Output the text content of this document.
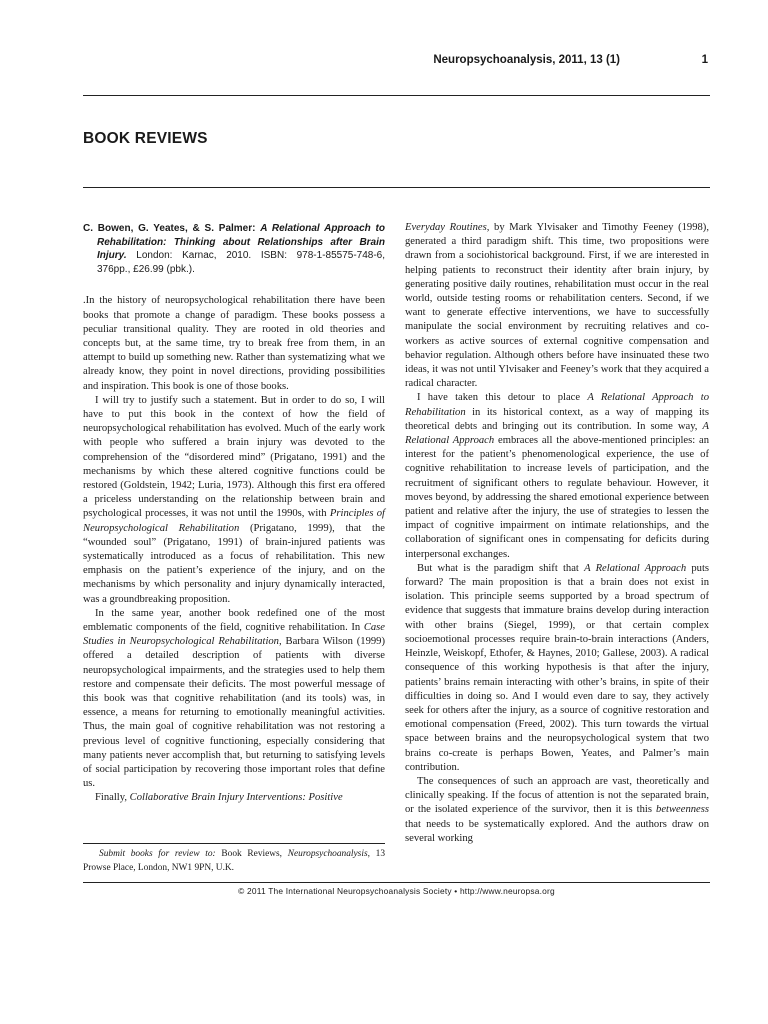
Neuropsychoanalysis, 2011, 13 (1)	1
BOOK REVIEWS

C. Bowen, G. Yeates, & S. Palmer: A Relational Approach to Rehabilitation: Thinking about Relationships after Brain Injury. London: Karnac, 2010. ISBN: 978-1-85575-748-6, 376pp., £26.99 (pbk.).

.In the history of neuropsychological rehabilitation there have been books that promote a change of paradigm. These books possess a peculiar transitional quality. They are rooted in old theories and concepts but, at the same time, try to break free from them, in an attempt to build up something new. Rather than systematizing what we already know, they point in novel directions, providing possibilities and inspiration. This book is one of those books.

I will try to justify such a statement. But in order to do so, I will have to put this book in the context of how the field of neuropsychological rehabilitation has evolved. Much of the early work with people who suffered a brain injury was devoted to the comprehension of the “disordered mind” (Prigatano, 1991) and the mechanisms by which these altered cognitive functions could be restored (Goldstein, 1942; Luria, 1973). Although this first era offered a priceless understanding on the relationship between brain and psychological processes, it was not until the 1990s, with Principles of Neuropsychological Rehabilitation (Prigatano, 1999), that the “wounded soul” (Prigatano, 1991) of brain-injured patients was systematically introduced as a focus of rehabilitation. This new emphasis on the patient’s experience of the injury, and on the mechanisms by which personality and injury dynamically interacted, was a groundbreaking proposition.

In the same year, another book redefined one of the most emblematic components of the field, cognitive rehabilitation. In Case Studies in Neuropsychological Rehabilitation, Barbara Wilson (1999) offered a detailed description of patients with diverse neuropsychological impairments, and the strategies used to help them restore and compensate their deficits. The most powerful message of this book was that cognitive rehabilitation (and its tools) was, in essence, a means for returning to emotionally meaningful activities. Thus, the main goal of cognitive rehabilitation was not restoring a previous level of cognitive functioning, especially considering that many patients never accomplish that, but returning to satisfying levels of social participation by recovering those important roles that define us.

Finally, Collaborative Brain Injury Interventions: Positive

Everyday Routines, by Mark Ylvisaker and Timothy Feeney (1998), generated a third paradigm shift. This time, two propositions were drawn from a sociohistorical background. First, if we are interested in helping patients to reconstruct their identity after brain injury, by generating positive daily routines, rehabilitation must occur in the real world, outside testing rooms or rehabilitation centers. Second, if we want to generate effective interventions, we have to successfully manipulate the social environment by recruiting relatives and co-workers as active sources of external cognitive compensation and behavior regulation. Although others before have insinuated these two ideas, it was not until Ylvisaker and Feeney’s work that they acquired a radical character.

I have taken this detour to place A Relational Approach to Rehabilitation in its historical context, as a way of mapping its theoretical debts and bringing out its contribution. In some way, A Relational Approach embraces all the above-mentioned principles: an interest for the patient’s phenomenological experience, the use of cognitive rehabilitation to increase levels of participation, and the recruitment of significant others to regulate behaviour. However, it moves beyond, by addressing the shared emotional experience between patient and relative after the injury, the use of strategies to lessen the impact of cognitive impairment on intimate relationships, and the collaboration of significant ones in compensating for deficits during interpersonal exchanges.

But what is the paradigm shift that A Relational Approach puts forward? The main proposition is that a brain does not exist in isolation. This principle seems supported by a broad spectrum of evidence that suggests that immature brains develop during interaction with other brains (Siegel, 1999), or that certain complex socioemotional processes require brain-to-brain interactions (Anders, Heinzle, Weiskopf, Ethofer, & Haynes, 2010; Gallese, 2003). A radical consequence of this working hypothesis is that after the injury, patients’ brains remain interacting with other’s brains, in spite of their difficulties in doing so. And I would even dare to say, they actively seek for others after the injury, as a source of cognitive restoration and emotional compensation (Freed, 2002). This turn towards the virtual space between brains and the neuropsychological system that two brains co-create is perhaps Bowen, Yeates, and Palmer’s main contribution.

The consequences of such an approach are vast, theoretically and clinically speaking. If the focus of attention is not the separated brain, or the isolated experience of the survivor, then it is this betweenness that needs to be systematically explored. And the authors draw on several working

Submit books for review to: Book Reviews, Neuropsychoanalysis, 13 Prowse Place, London, NW1 9PN, U.K.
© 2011 The International Neuropsychoanalysis Society • http://www.neuropsa.org
